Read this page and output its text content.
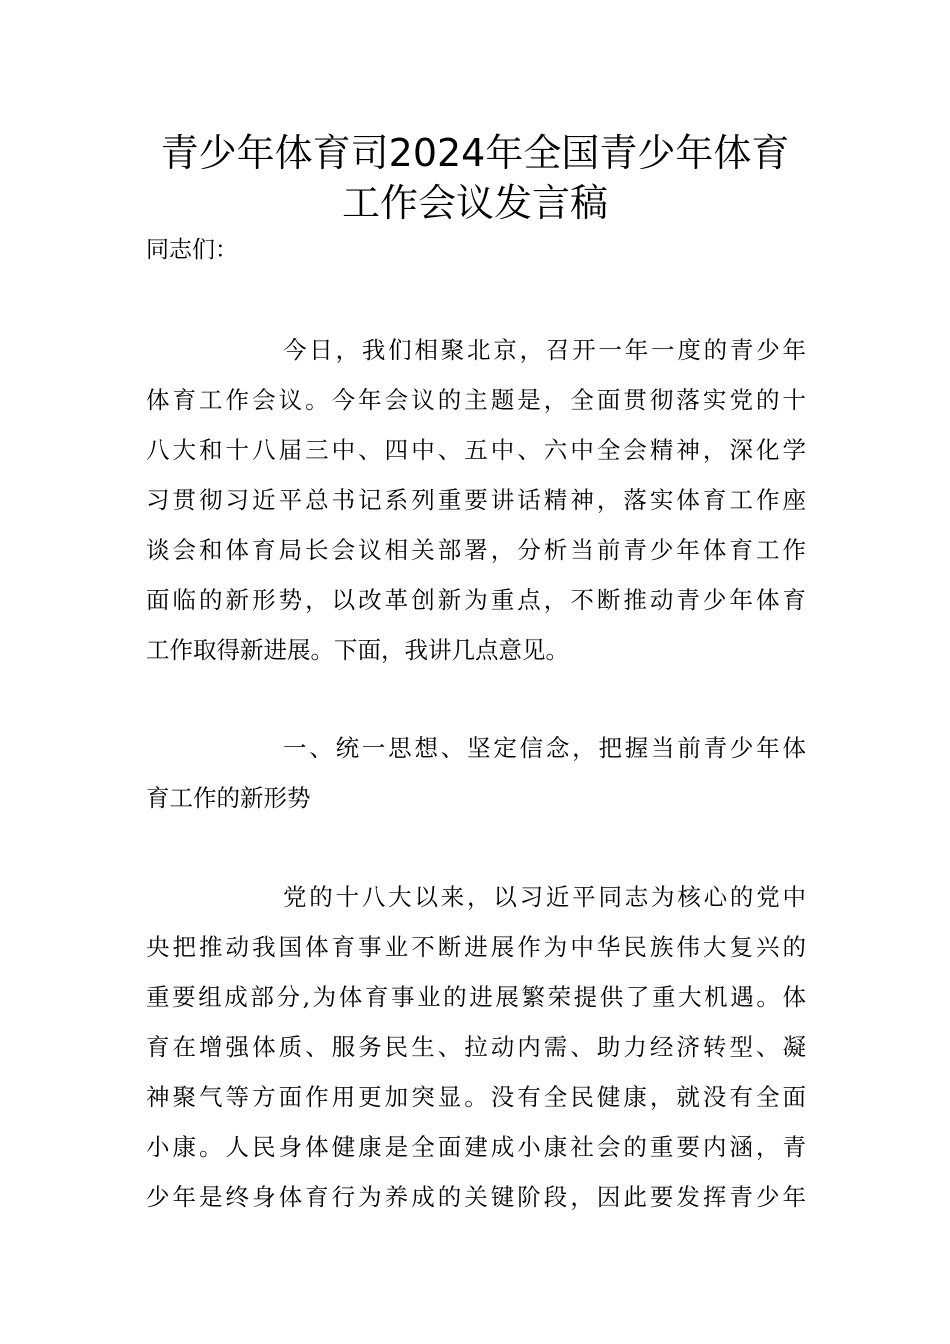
青少年体育司2024年全国青少年体育
工作会议发言稿
同志们：
今日，我们相聚北京，召开一年一度的青少年
体育工作会议。今年会议的主题是，全面贯彻落实党的十
八大和十八届三中、四中、五中、六中全会精神，深化学
习贯彻习近平总书记系列重要讲话精神，落实体育工作座
谈会和体育局长会议相关部署，分析当前青少年体育工作
面临的新形势，以改革创新为重点，不断推动青少年体育
工作取得新进展。下面，我讲几点意见。
一、统一思想、坚定信念，把握当前青少年体
育工作的新形势
党的十八大以来，以习近平同志为核心的党中
央把推动我国体育事业不断进展作为中华民族伟大复兴的
重要组成部分,为体育事业的进展繁荣提供了重大机遇。体
育在增强体质、服务民生、拉动内需、助力经济转型、凝
神聚气等方面作用更加突显。没有全民健康，就没有全面
小康。人民身体健康是全面建成小康社会的重要内涵，青
少年是终身体育行为养成的关键阶段，因此要发挥青少年
